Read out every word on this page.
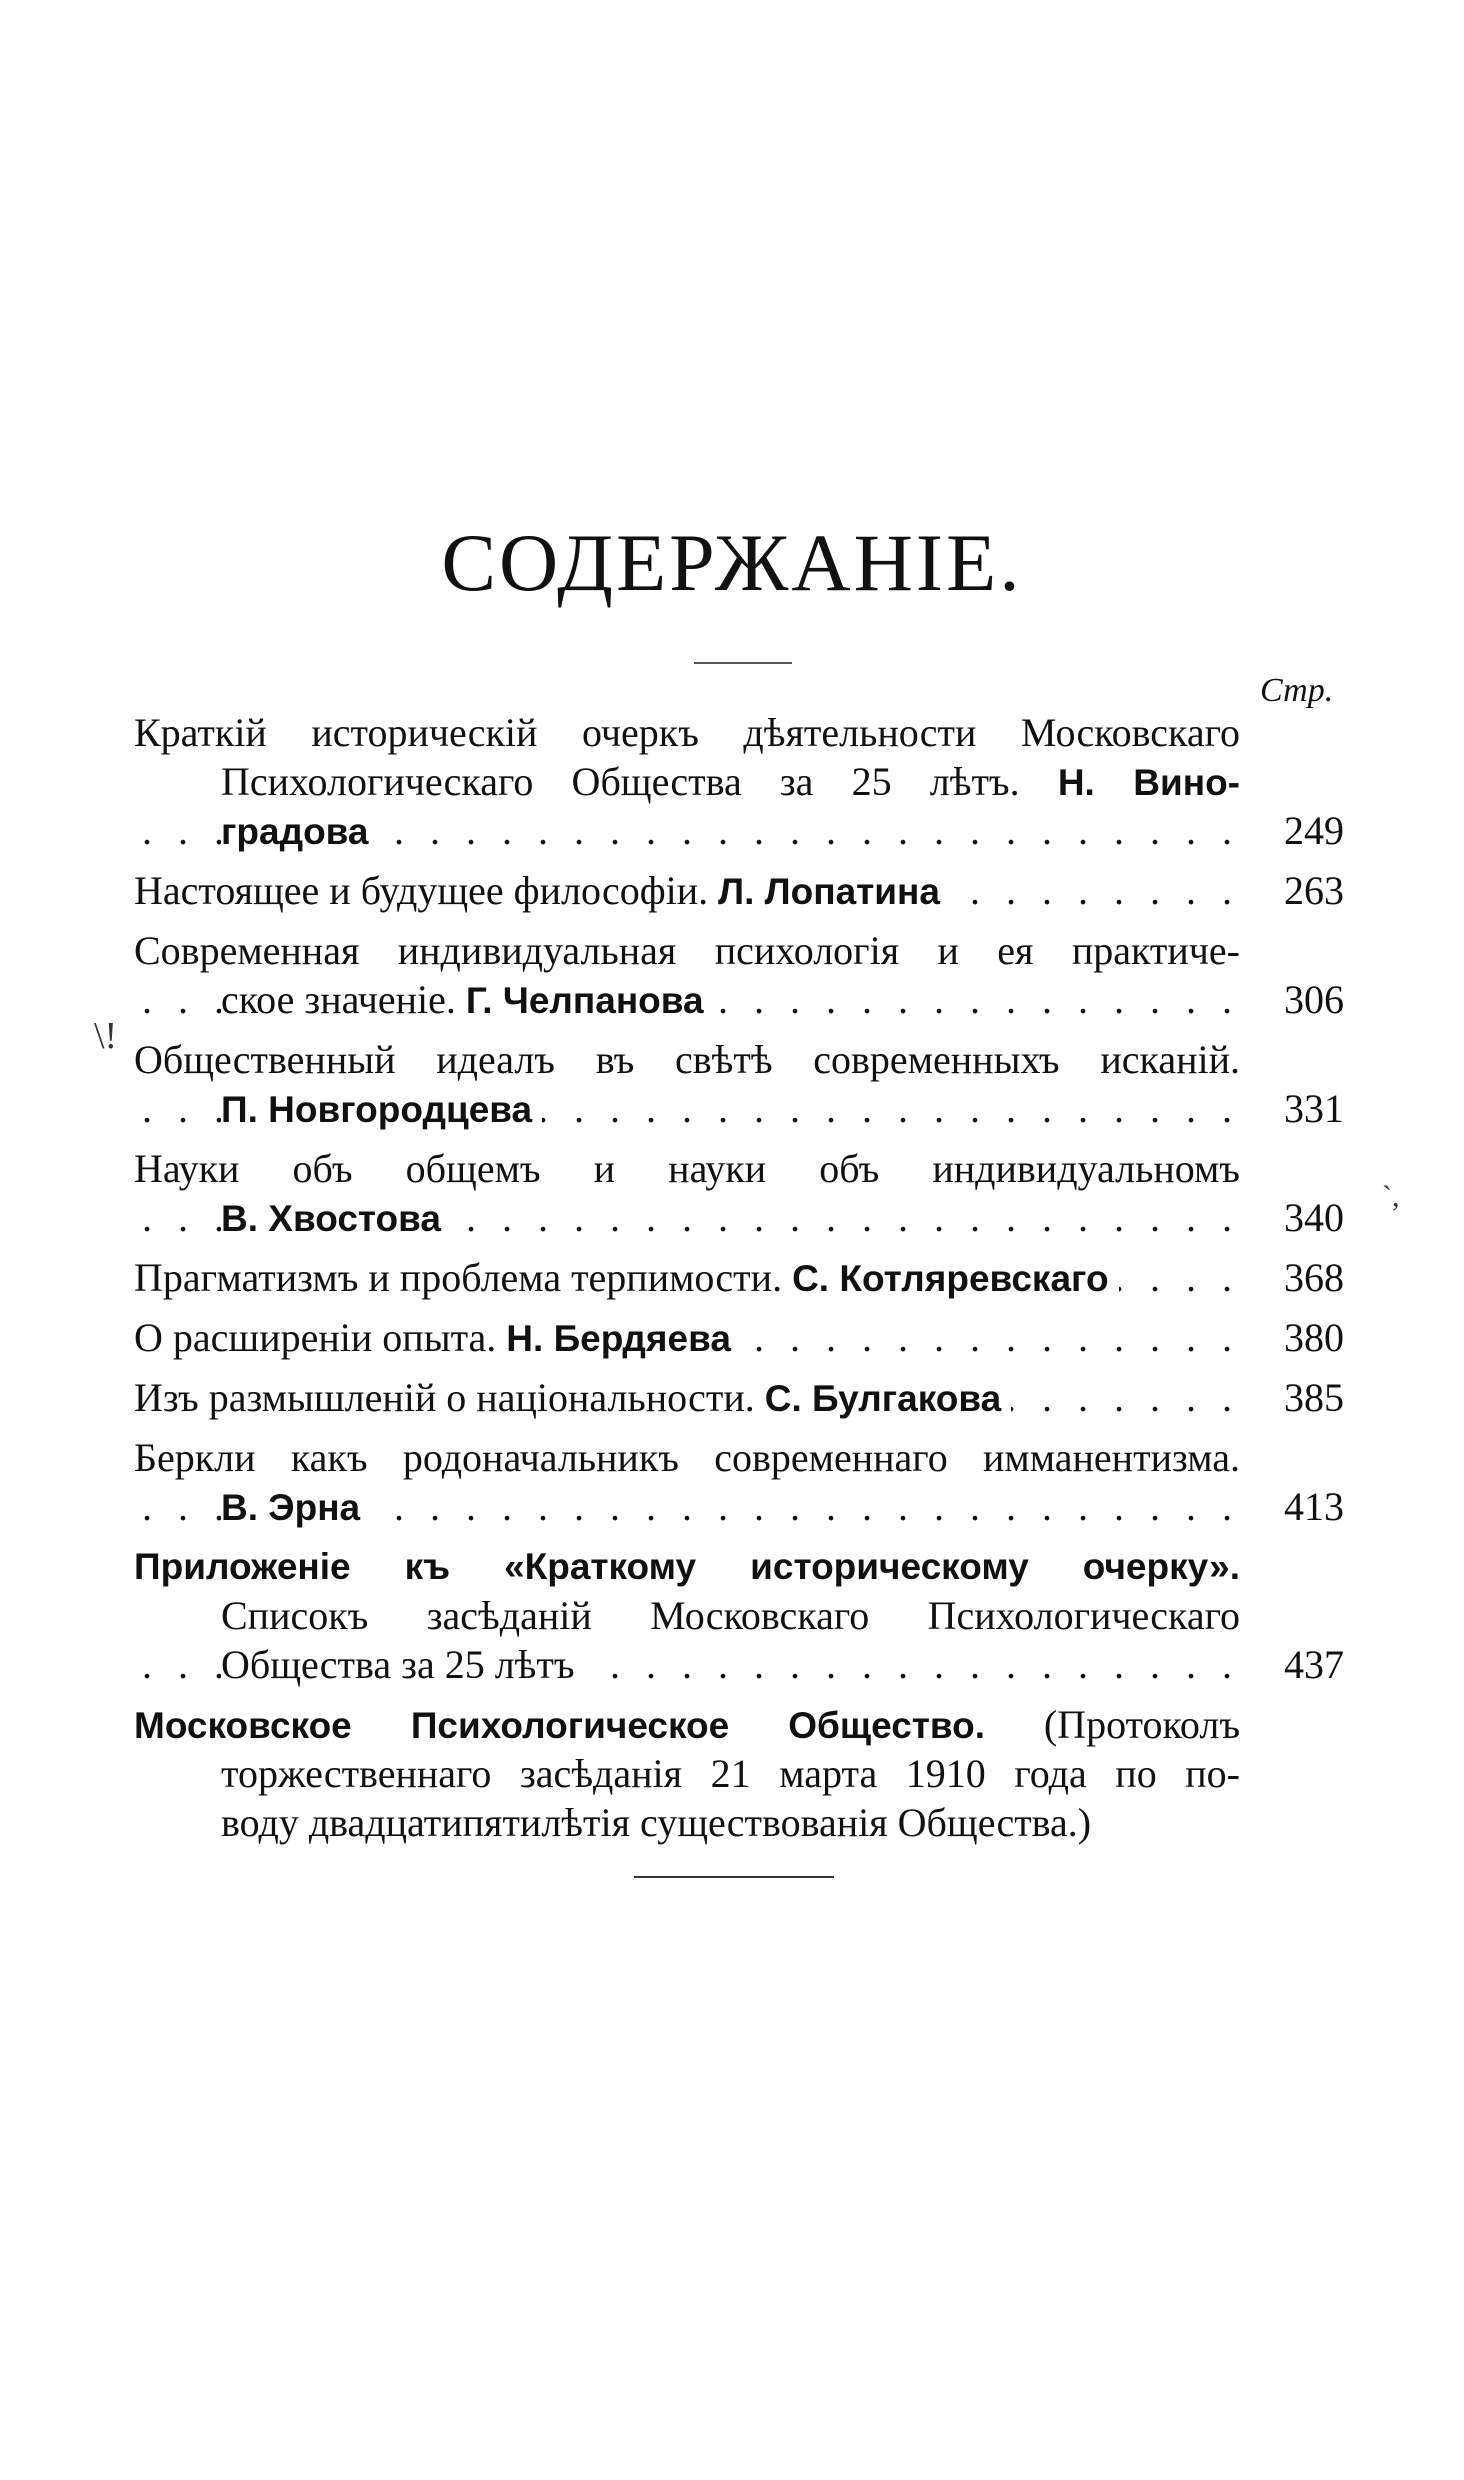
СОДЕРЖАНІЕ.
Стр.
\!
`,
Краткій историческій очеркъ дѣятельности Московскаго
Психологическаго Общества за 25 лѣтъ. Н. Вино-
градова . . .	249
Настоящее и будущее философіи. Л. Лопатина . . .	263
Современная индивидуальная психологія и ея практиче-
ское значеніе. Г. Челпанова . . .	306
Общественный идеалъ въ свѣтѣ современныхъ исканій.
П. Новгородцева . . .	331
Науки объ общемъ и науки объ индивидуальномъ
В. Хвостова . . .	340
Прагматизмъ и проблема терпимости. С. Котляревскаго . . .	368
О расширеніи опыта. Н. Бердяева . . .	380
Изъ размышленій о національности. С. Булгакова . . .	385
Беркли какъ родоначальникъ современнаго имманентизма.
В. Эрна . . .	413
Приложеніе къ «Краткому историческому очерку».
Списокъ засѣданій Московскаго Психологическаго
Общества за 25 лѣтъ . . .	437
Московское Психологическое Общество. (Протоколъ
торжественнаго засѣданія 21 марта 1910 года по по-
воду двадцатипятилѣтія существованія Общества.)
